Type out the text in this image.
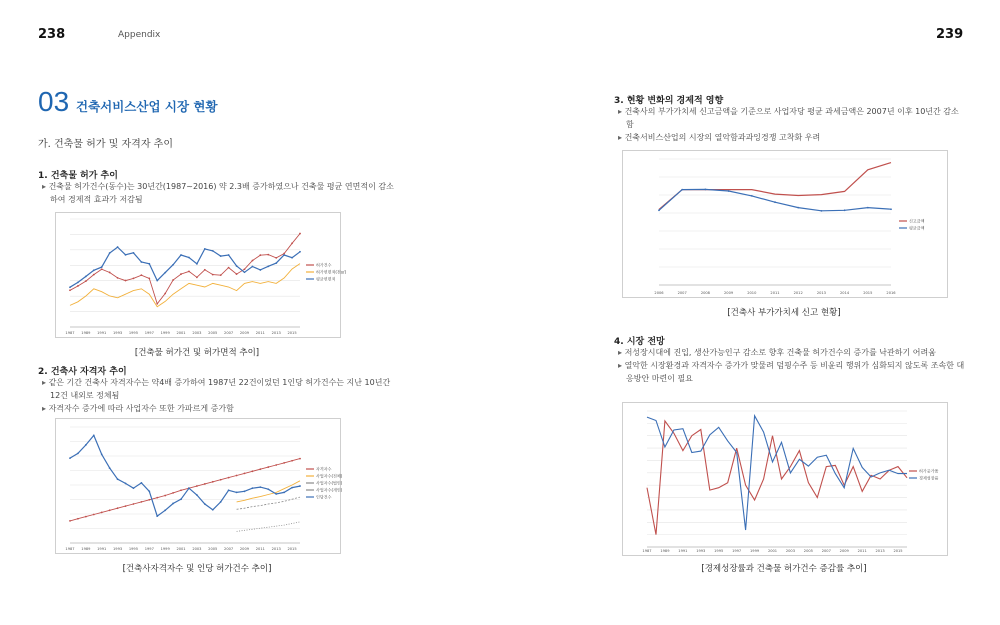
238	Appendix	239
03 건축서비스산업 시장 현황
가. 건축물 허가 및 자격자 추이
1. 건축물 허가 추이
▸ 건축물 허가건수(동수)는 30년간(1987~2016) 약 2.3배 증가하였으나 건축물 평균 연면적이 감소하여 경제적 효과가 저감됨
1987 1989 1991 1993 1995 1997 1999 2001 2003 2005 2007 2009 2011 2013 2015
허가건수
허가연면적(천㎡)
평균연면적
[건축물 허가건 및 허가면적 추이]
2. 건축사 자격자 추이
▸ 같은 기간 건축사 자격자수는 약4배 증가하여 1987년 22건이었던 1인당 허가건수는 지난 10년간 12건 내외로 정체됨
▸ 자격자수 증가에 따라 사업자수 또한 가파르게 증가함
1987 1989 1991 1993 1995 1997 1999 2001 2003 2005 2007 2009 2011 2013 2015
자격자수
사업자수(전체)
사업자수(법인)
사업자수(개인)
인당건수
[건축사자격자수 및 인당 허가건수 추이]
3. 현황 변화의 경제적 영향
▸ 건축사의 부가가치세 신고금액을 기준으로 사업자당 평균 과세금액은 2007년 이후 10년간 감소함
▸ 건축서비스산업의 시장의 열악함과과잉경쟁 고착화 우려
2006	2007	2008	2009	2010	2011	2012	2013	2014	2015	2016
신고금액
평균금액
[건축사 부가가치세 신고 현황]
4. 시장 전망
▸ 저성장시대에 진입, 생산가능인구 감소로 향후 건축물 허가건수의 증가를 낙관하기 어려움
▸ 열악한 시장환경과 자격자수 증가가 맞물려 덤핑수주 등 비윤리 행위가 심화되지 않도록 조속한 대응방안 마련이 필요
1987 1989 1991 1993 1995 1997 1999 2001 2003 2005 2007 2009 2011 2013 2015
허가증가율
경제성장률
[경제성장률과 건축물 허가건수 증감률 추이]
